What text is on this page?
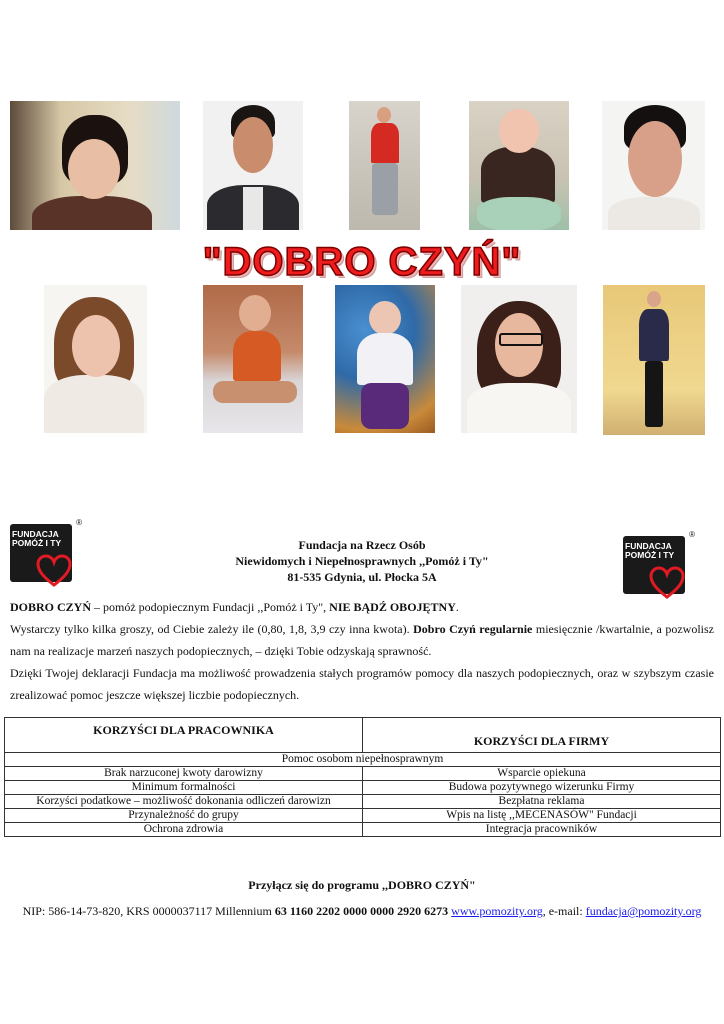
"DOBRO CZYŃ"
FUNDACJA
POMÓŻ I TY
®
FUNDACJA
POMÓŻ I TY
®
Fundacja na Rzecz Osób
Niewidomych i Niepełnosprawnych ,,Pomóż i Ty"
81-535 Gdynia, ul. Płocka 5A

DOBRO CZYŃ – pomóż podopiecznym Fundacji ,,Pomóż i Ty", NIE BĄDŹ OBOJĘTNY.

Wystarczy tylko kilka groszy, od Ciebie zależy ile (0,80, 1,8, 3,9 czy inna kwota). Dobro Czyń regularnie miesięcznie /kwartalnie, a pozwolisz nam na realizacje marzeń naszych podopiecznych, – dzięki Tobie odzyskają sprawność.

Dzięki Twojej deklaracji Fundacja ma możliwość prowadzenia stałych programów pomocy dla naszych podopiecznych, oraz w szybszym czasie zrealizować pomoc jeszcze większej liczbie podopiecznych.

KORZYŚCI DLA PRACOWNIKA	KORZYŚCI DLA FIRMY
Pomoc osobom niepełnosprawnym	
Brak narzuconej kwoty darowizny	Wsparcie opiekuna
Minimum formalności	Budowa pozytywnego wizerunku Firmy
Korzyści podatkowe – możliwość dokonania odliczeń darowizn	Bezpłatna reklama
Przynależność do grupy	Wpis na listę ,,MECENASÓW" Fundacji
Ochrona zdrowia	Integracja pracowników
Przyłącz się do programu ,,DOBRO CZYŃ"
NIP: 586-14-73-820, KRS 0000037117 Millennium 63 1160 2202 0000 0000 2920 6273 www.pomozity.org, e-mail: fundacja@pomozity.org
